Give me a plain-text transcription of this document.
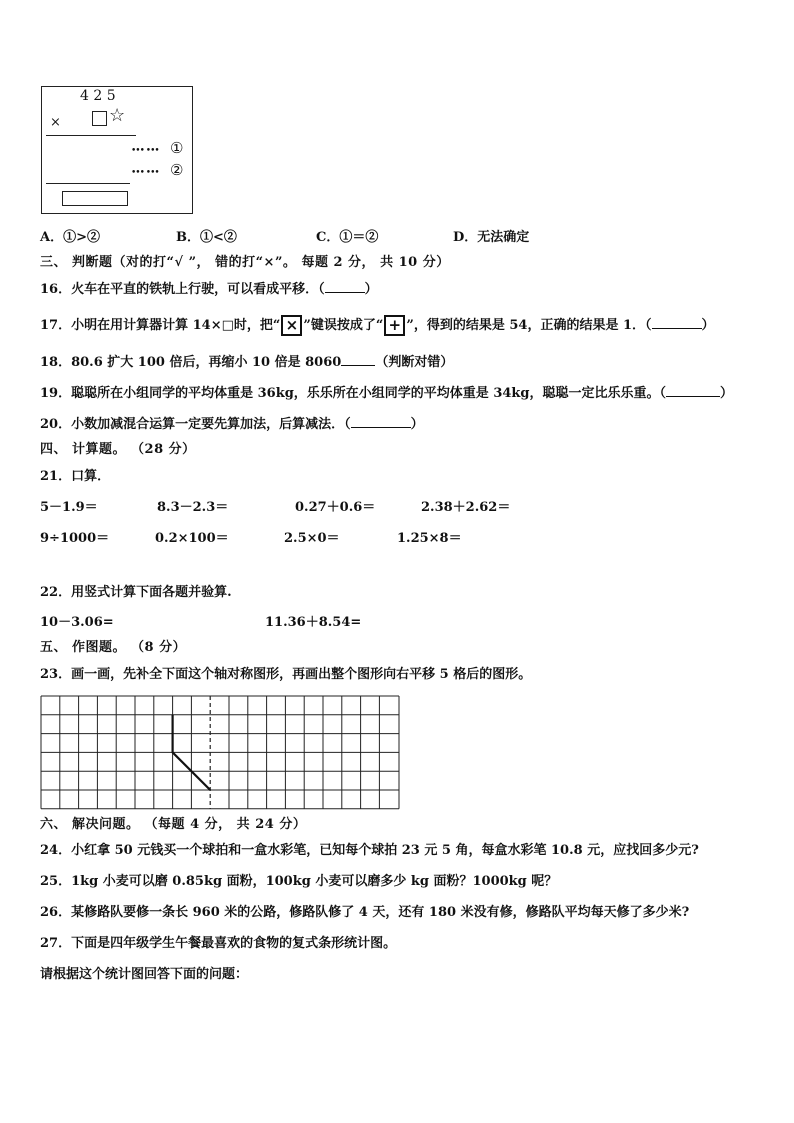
4 2 5
×	☆
••• ••• ①
••• ••• ②
A．①>②	B．①<②	C．①＝②	D．无法确定
三、 判断题（对的打“√ ”， 错的打“×”。 每题 2 分， 共 10 分）
16．火车在平直的铁轨上行驶，可以看成平移．（	）
17．小明在用计算器计算 14×□时，把“ × ”键误按成了“ + ”，得到的结果是 54，正确的结果是 1．（	）
18．80.6 扩大 100 倍后，再缩小 10 倍是 8060	（判断对错）
19．聪聪所在小组同学的平均体重是 36kg，乐乐所在小组同学的平均体重是 34kg，聪聪一定比乐乐重。（	）
20．小数加减混合运算一定要先算加法，后算减法．（	）
四、 计算题。 （28 分）
21．口算．
5－1.9＝	8.3－2.3＝	0.27＋0.6＝	2.38＋2.62＝
9÷1000＝	0.2×100＝	2.5×0＝	1.25×8＝
22．用竖式计算下面各题并验算.
10－3.06=	11.36＋8.54=
五、 作图题。 （8 分）
23．画一画，先补全下面这个轴对称图形，再画出整个图形向右平移 5 格后的图形。
六、 解决问题。 （每题 4 分， 共 24 分）
24．小红拿 50 元钱买一个球拍和一盒水彩笔，已知每个球拍 23 元 5 角，每盒水彩笔 10.8 元，应找回多少元?
25．1kg 小麦可以磨 0.85kg 面粉，100kg 小麦可以磨多少 kg 面粉？1000kg 呢？
26．某修路队要修一条长 960 米的公路，修路队修了 4 天，还有 180 米没有修，修路队平均每天修了多少米?
27．下面是四年级学生午餐最喜欢的食物的复式条形统计图。
请根据这个统计图回答下面的问题：
